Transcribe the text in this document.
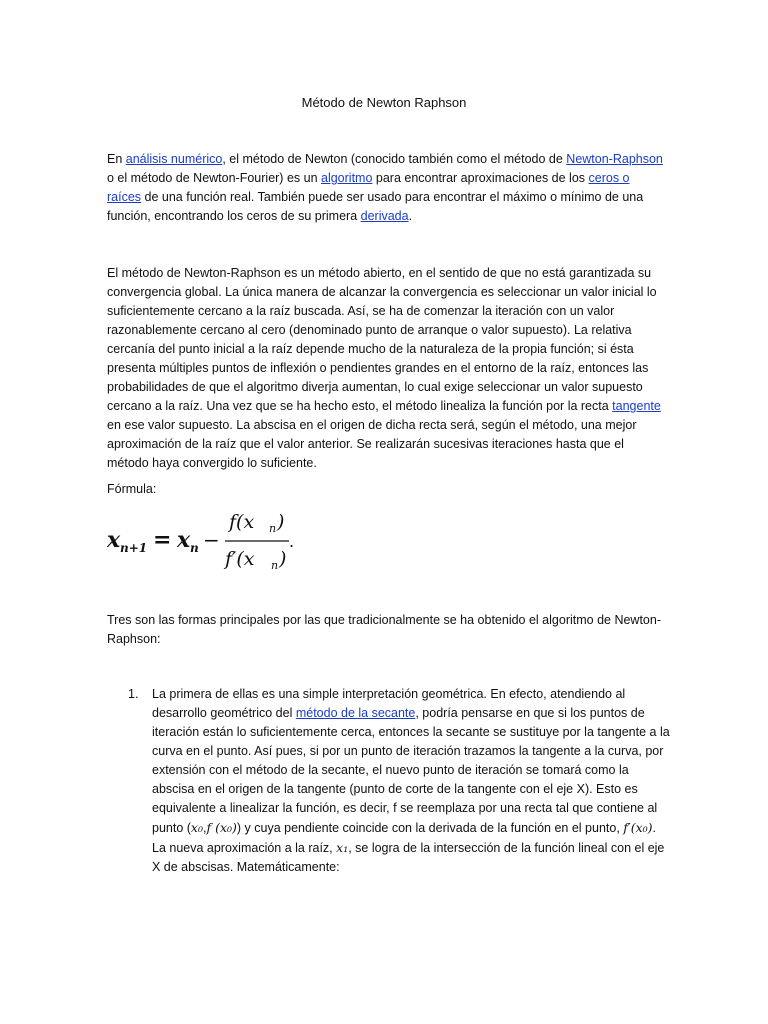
Método de Newton Raphson

En análisis numérico, el método de Newton (conocido también como el método de Newton-Raphson o el método de Newton-Fourier) es un algoritmo para encontrar aproximaciones de los ceros o raíces de una función real. También puede ser usado para encontrar el máximo o mínimo de una función, encontrando los ceros de su primera derivada.

El método de Newton-Raphson es un método abierto, en el sentido de que no está garantizada su convergencia global. La única manera de alcanzar la convergencia es seleccionar un valor inicial lo suficientemente cercano a la raíz buscada. Así, se ha de comenzar la iteración con un valor razonablemente cercano al cero (denominado punto de arranque o valor supuesto). La relativa cercanía del punto inicial a la raíz depende mucho de la naturaleza de la propia función; si ésta presenta múltiples puntos de inflexión o pendientes grandes en el entorno de la raíz, entonces las probabilidades de que el algoritmo diverja aumentan, lo cual exige seleccionar un valor supuesto cercano a la raíz. Una vez que se ha hecho esto, el método linealiza la función por la recta tangente en ese valor supuesto. La abscisa en el origen de dicha recta será, según el método, una mejor aproximación de la raíz que el valor anterior. Se realizarán sucesivas iteraciones hasta que el método haya convergido lo suficiente.

Fórmula:
x n+1 = x n −
f(x n )
f′(x n )
.

Tres son las formas principales por las que tradicionalmente se ha obtenido el algoritmo de Newton-Raphson:

1. La primera de ellas es una simple interpretación geométrica. En efecto, atendiendo al desarrollo geométrico del método de la secante, podría pensarse en que si los puntos de iteración están lo suficientemente cerca, entonces la secante se sustituye por la tangente a la curva en el punto. Así pues, si por un punto de iteración trazamos la tangente a la curva, por extensión con el método de la secante, el nuevo punto de iteración se tomará como la abscisa en el origen de la tangente (punto de corte de la tangente con el eje X). Esto es equivalente a linealizar la función, es decir, f se reemplaza por una recta tal que contiene al punto (x₀,f (x₀)) y cuya pendiente coincide con la derivada de la función en el punto, f′(x₀). La nueva aproximación a la raíz, x₁, se logra de la intersección de la función lineal con el eje X de abscisas. Matemáticamente:
